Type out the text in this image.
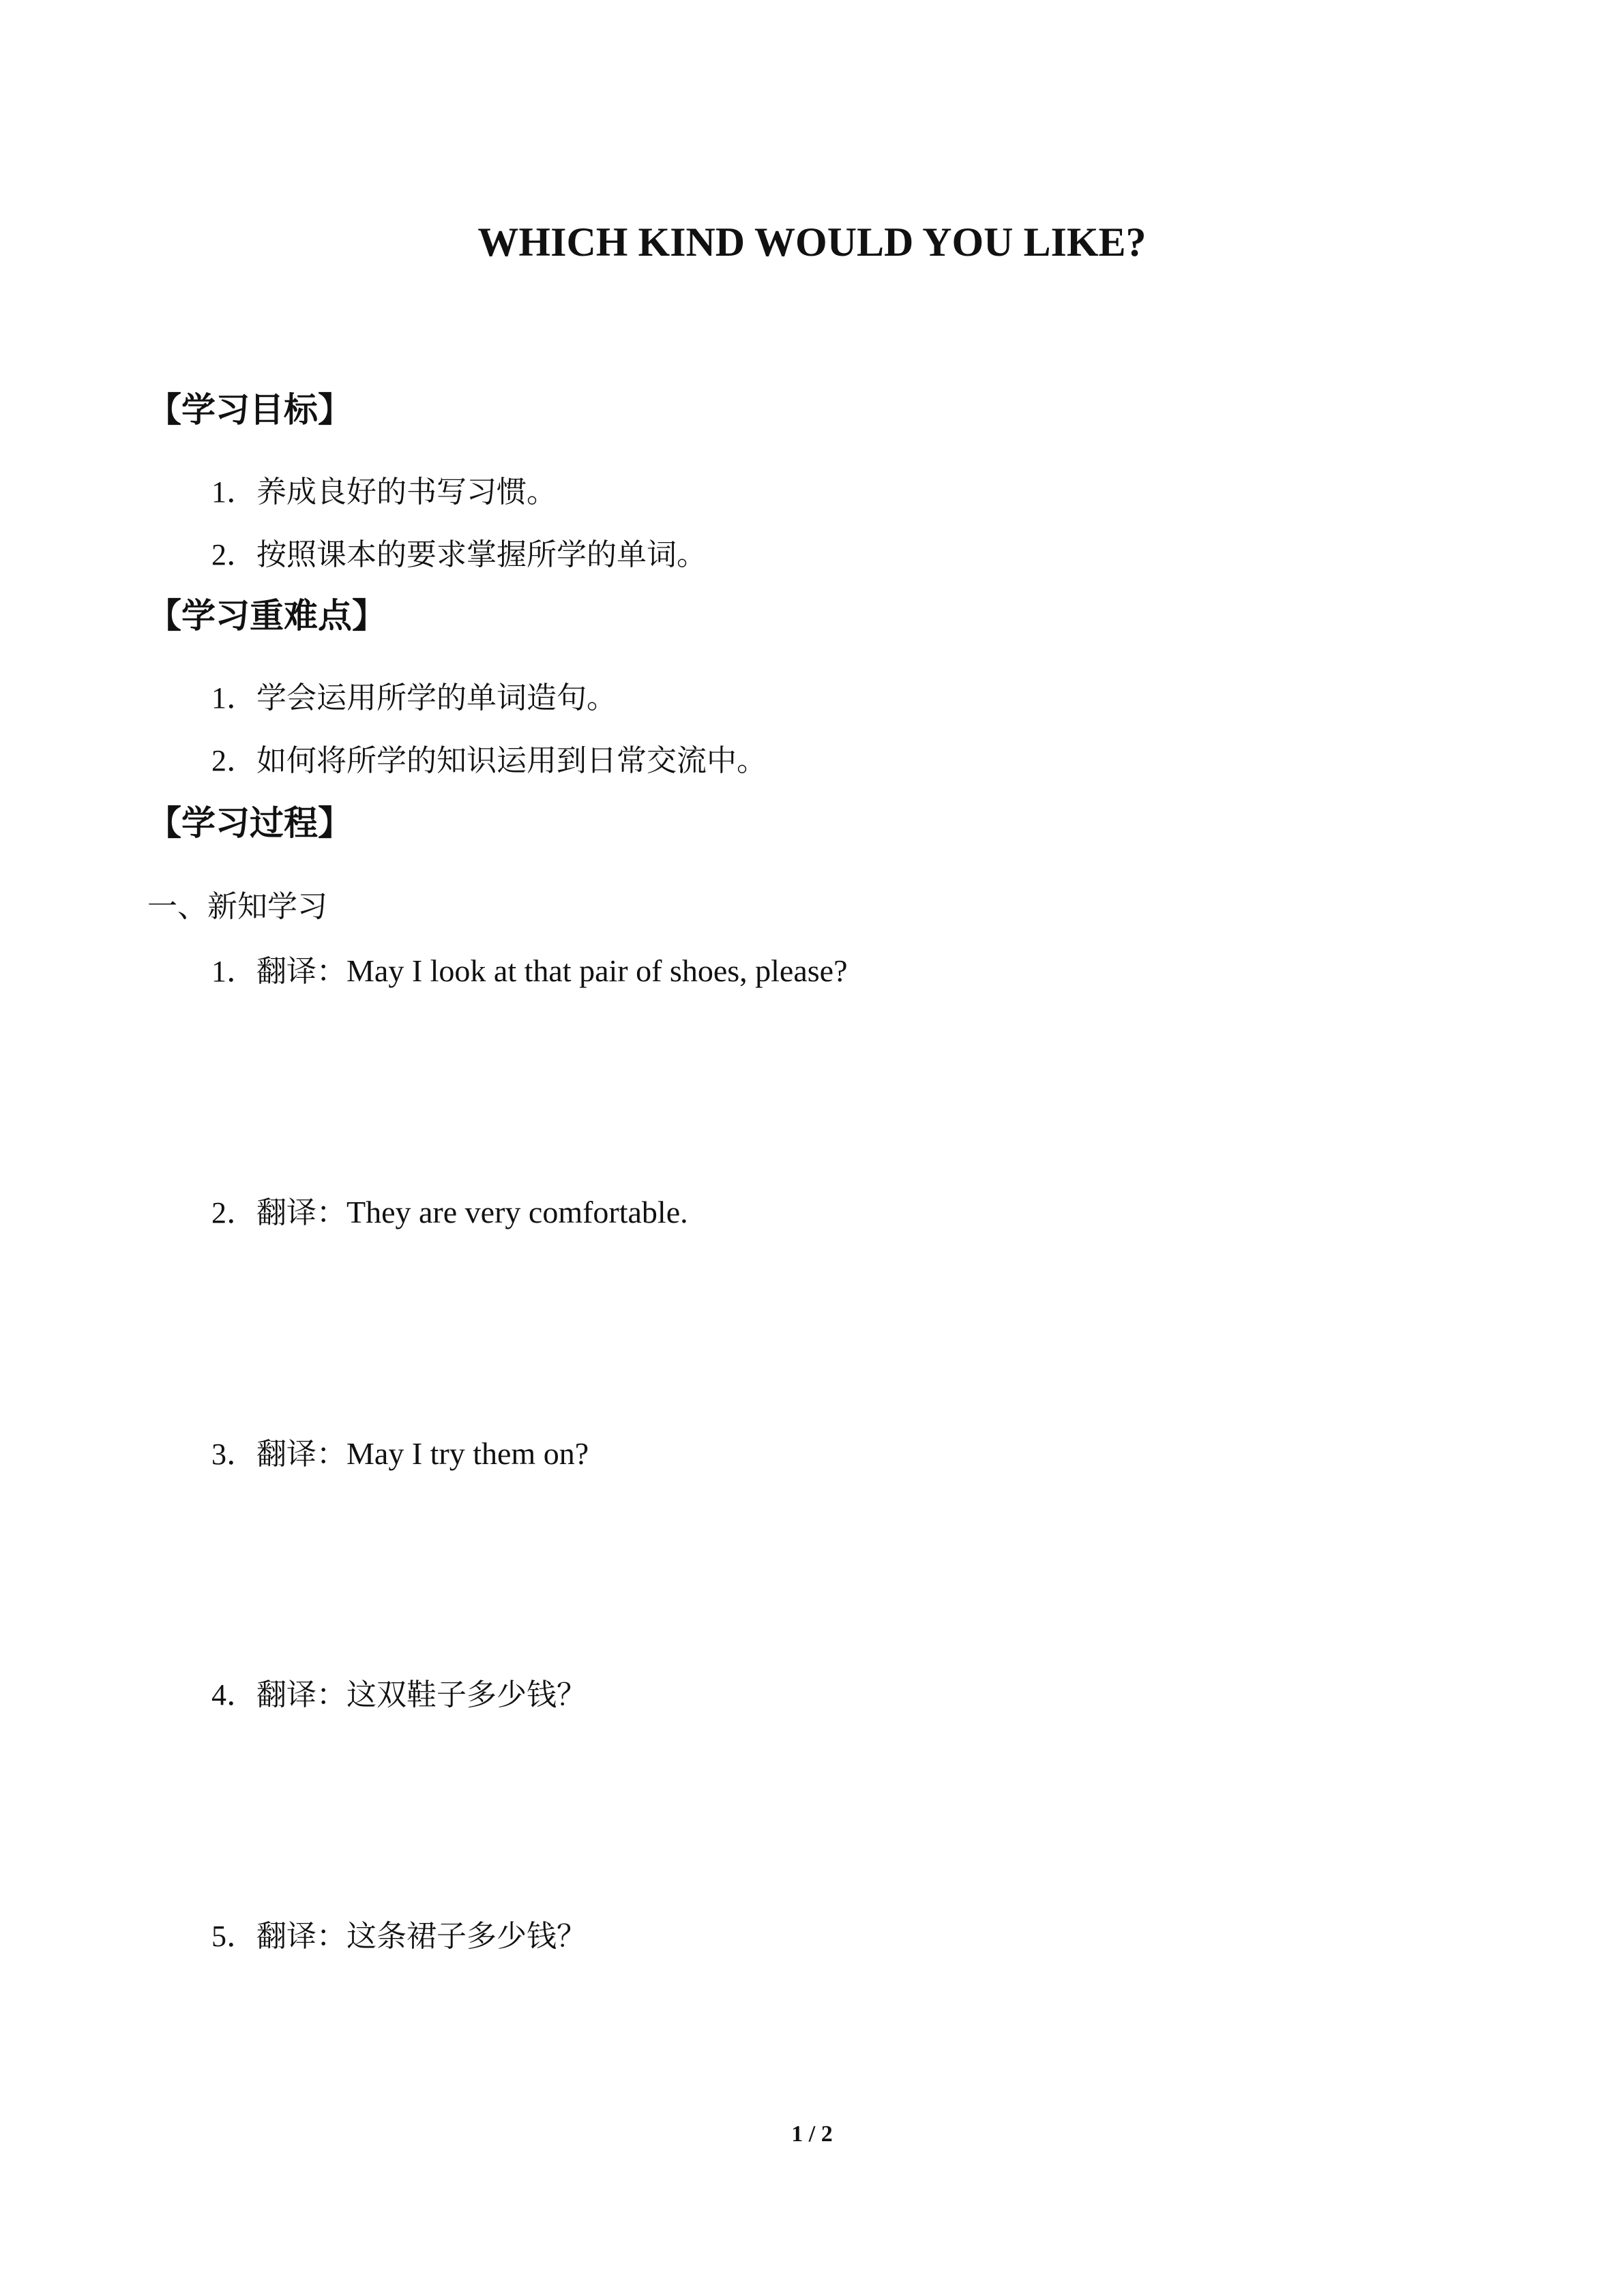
WHICH KIND WOULD YOU LIKE?
【学习目标】
1．养成良好的书写习惯。
2．按照课本的要求掌握所学的单词。
【学习重难点】
1．学会运用所学的单词造句。
2．如何将所学的知识运用到日常交流中。
【学习过程】
一、新知学习
1．翻译：May I look at that pair of shoes, please?
2．翻译：They are very comfortable.
3．翻译：May I try them on?
4．翻译：这双鞋子多少钱？
5．翻译：这条裙子多少钱？
1 / 2
